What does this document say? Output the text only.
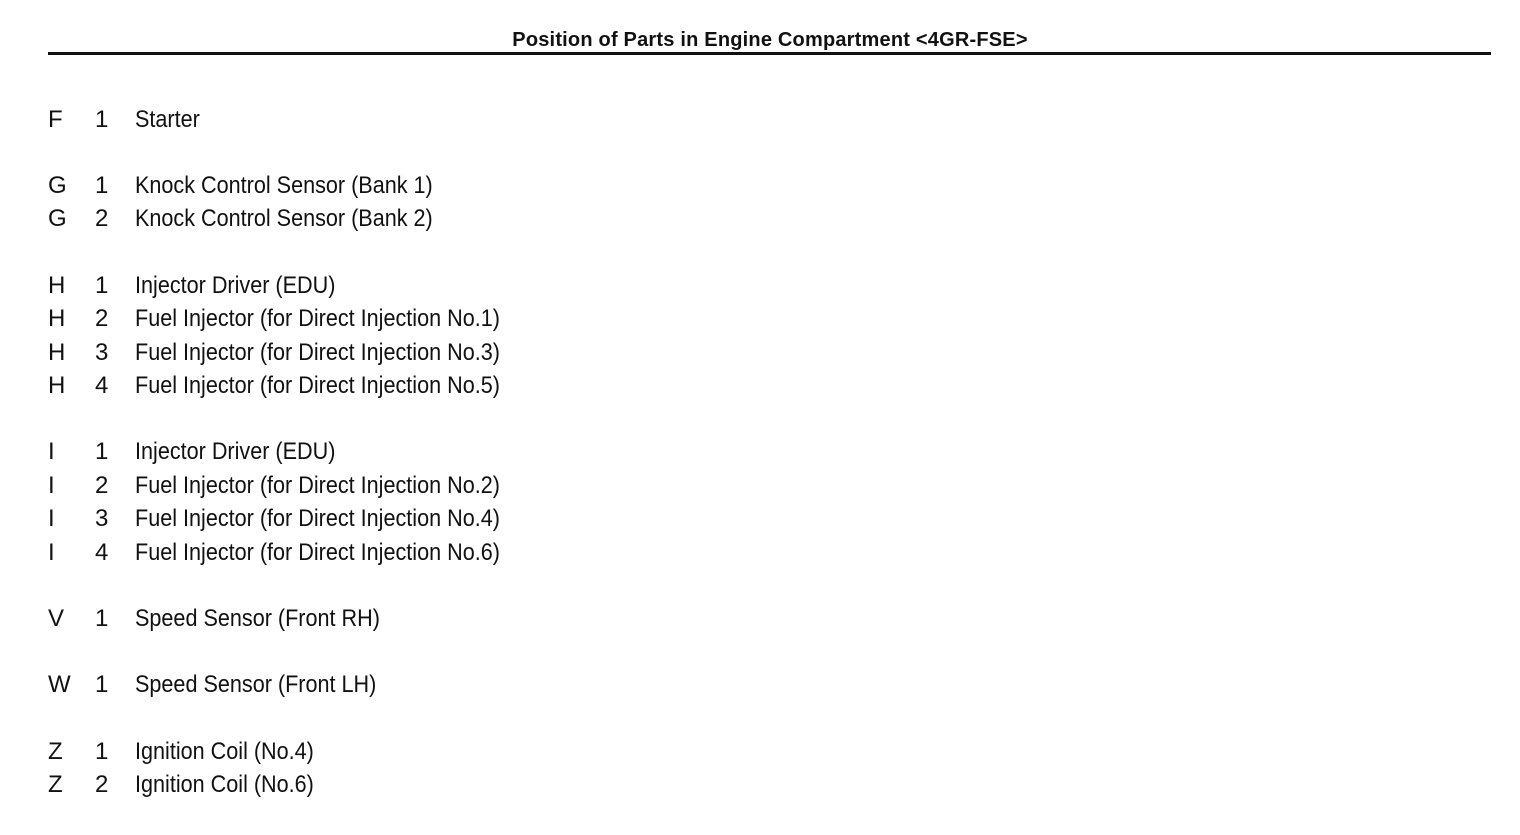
Position of Parts in Engine Compartment <4GR-FSE>
F	1	Starter
G	1	Knock Control Sensor (Bank 1)
G	2	Knock Control Sensor (Bank 2)
H	1	Injector Driver (EDU)
H	2	Fuel Injector (for Direct Injection No.1)
H	3	Fuel Injector (for Direct Injection No.3)
H	4	Fuel Injector (for Direct Injection No.5)
I	1	Injector Driver (EDU)
I	2	Fuel Injector (for Direct Injection No.2)
I	3	Fuel Injector (for Direct Injection No.4)
I	4	Fuel Injector (for Direct Injection No.6)
V	1	Speed Sensor (Front RH)
W	1	Speed Sensor (Front LH)
Z	1	Ignition Coil (No.4)
Z	2	Ignition Coil (No.6)
